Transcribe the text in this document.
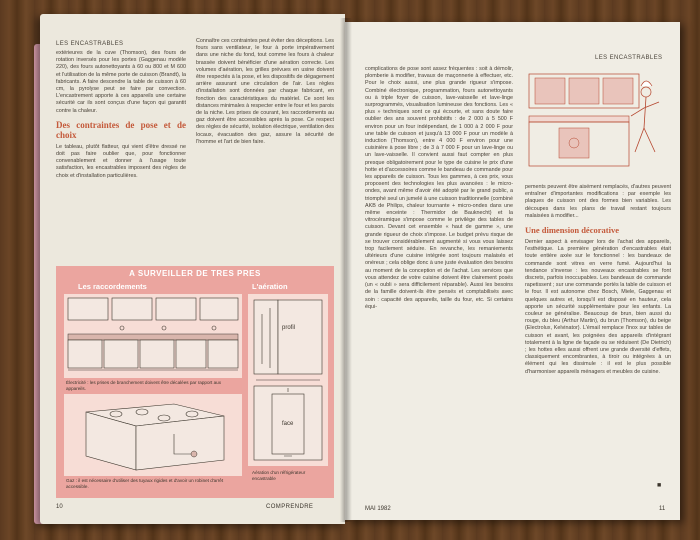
LES ENCASTRABLES

extérieures de la cuve (Thomson), des fours de rotation inversés pour les portes (Gaggenau modèle 220), des fours autonettoyants à 60 ou 800 et M 600 et l'utilisation de la même porte de cuisson (Brandt), la fabricants. A faire descendre la table de cuisson à 60 cm, la pyrolyse peut se faire par convection. L'encastrement apporte à ces appareils une certaine sécurité car ils sont conçus d'une façon qui garantit contre la chaleur.

Des contraintes de pose et de choix

Le tableau, plutôt flatteur, qui vient d'être dressé ne doit pas faire oublier que, pour fonctionner convenablement et donner à l'usage toute satisfaction, les encastrables imposent des règles de choix et d'installation particulières.

Connaître ces contraintes peut éviter des déceptions. Les fours sans ventilateur, le four à porte impérativement dans une niche du fond, tout comme les fours à chaleur brassée doivent bénéficier d'une aération correcte. Les volumes d'aération, les grilles prévues en usine doivent être respectés à la pose, et les dispositifs de dégagement arrière assurant une circulation de l'air. Les règles d'installation sont données par chaque fabricant, en fonction des caractéristiques du matériel. Ce sont les distances minimales à respecter entre le four et les parois de la niche. Les prises de courant, les raccordements au gaz doivent être accessibles après la pose. Ce respect des règles de sécurité, isolation électrique, ventilation des locaux, évacuation des gaz, assure la sécurité de l'homme et l'art de bien faire.

A SURVEILLER DE TRES PRES
Les raccordements	L'aération
Électricité : les prises de branchement doivent être décalées par rapport aux appareils.
Gaz : il est nécessaire d'utiliser des tuyaux rigides et d'avoir un robinet d'arrêt accessible.
profil
face
Aération d'un réfrigérateur encastrable
10	COMPRENDRE
LES ENCASTRABLES

complications de pose sont assez fréquentes : soit à démolir, plomberie à modifier, travaux de maçonnerie à effectuer, etc. Pour le choix aussi, une plus grande rigueur s'impose. Combiné électronique, programmation, fours autonettoyants ou à triple foyer de cuisson, lave-vaisselle et lave-linge surprogrammés, visualisation lumineuse des fonctions. Les « plus » techniques sont ce qui écourte, et sans doute faire oublier des ans souvent prohibitifs : de 2 000 à 5 500 F environ pour un four indépendant, de 1 000 à 2 000 F pour une table de cuisson et jusqu'à 13 000 F pour un modèle à induction (Thomson), entre 4 000 F environ pour une cuisinière à pose libre ; de 3 à 7 000 F pour un lave-linge ou un lave-vaisselle. Il convient aussi faut compter en plus presque obligatoirement pour le type de cuisine le prix d'une hotte et d'accessoires comme le bandeau de commande pour les appareils de cuisson. Tous les gammes, à ces prix, vous proposent des technologies les plus avancées : le micro-ondes, avant même d'avoir été adopté par le grand public, a triomphé seul un jumelé à une cuisson traditionnelle (combiné AKB de Philips, chaleur tournante + micro-ondes dans une même enceinte : Thermidor de Bauknecht) et la vitrocéramique s'impose comme le privilège des tables de cuisson. Devant cet ensemble « haut de gamme », une grande rigueur de choix s'impose. Le budget prévu risque de se trouver considérablement augmenté si vous vous laissez trop facilement séduire. En revanche, les remaniements ultérieurs d'une cuisine intégrée sont toujours malaisés et onéreux ; cela oblige donc à une juste évaluation des besoins au moment de la conception et de l'achat. Les services que vous attendez de votre cuisine doivent être clairement posés (un « oubli » sera difficilement réparable). Aussi les besoins de la famille doivent-ils être pensés et comptabilisés avec soin : capacité des appareils, taille du four, etc. Si certains équi-

pements peuvent être aisément remplacés, d'autres peuvent entraîner d'importantes modifications : par exemple les plaques de cuisson ont des formes bien variables. Les découpes dans les plans de travail restant toujours malaisées à modifier...

Une dimension décorative

Dernier aspect à envisager lors de l'achat des appareils, l'esthétique. La première génération d'encastrables était toute entière axée sur le fonctionnel : les bandeaux de commande sont vitres en verre fumé. Aujourd'hui la tendance s'inverse : les nouveaux encastrables se font discrets, parfois inoccupables. Les bandeaux de commande rapetissent ; sur une commande portés la table de cuisson et le four. Il est autonome chez Bosch, Miele, Gaggenau et quelques autres et, lorsqu'il est disposé en hauteur, cela apporte un sécurité supplémentaire pour les enfants. La couleur se généralise. Beaucoup de brun, bien aussi du rouge, du bleu (Arthur Martin), du brun (Thomson), du beige (Electrolux, Kelvinator). L'émail remplace l'inox sur tables de cuisson et avant, les poignées des appareils d'intégrant totalement à la ligne de façade ou se réduisent (De Dietrich) ; les hottes elles aussi offrent une grande diversité d'effets, classiquement encombrantes, à tiroir ou intégrées à un élément qui les dissimule : il est le plus possible d'harmoniser appareils ménagers et meubles de cuisine.

■
MAI 1982	11
